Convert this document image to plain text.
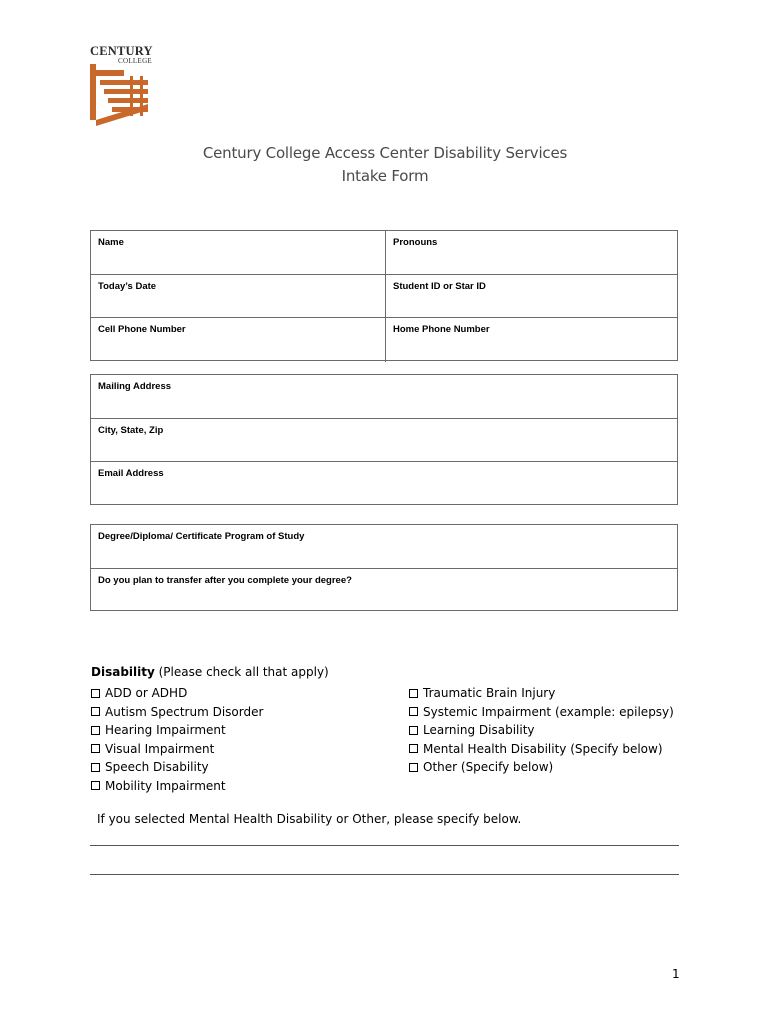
CENTURY
COLLEGE
Century College Access Center Disability Services
Intake Form
Name	Pronouns
Today’s Date	Student ID or Star ID
Cell Phone Number	Home Phone Number
Mailing Address
City, State, Zip
Email Address
Degree/Diploma/ Certificate Program of Study
Do you plan to transfer after you complete your degree?
Disability (Please check all that apply)
ADD or ADHD
Autism Spectrum Disorder
Hearing Impairment
Visual Impairment
Speech Disability
Mobility Impairment
Traumatic Brain Injury
Systemic Impairment (example: epilepsy)
Learning Disability
Mental Health Disability (Specify below)
Other (Specify below)
If you selected Mental Health Disability or Other, please specify below.
1
